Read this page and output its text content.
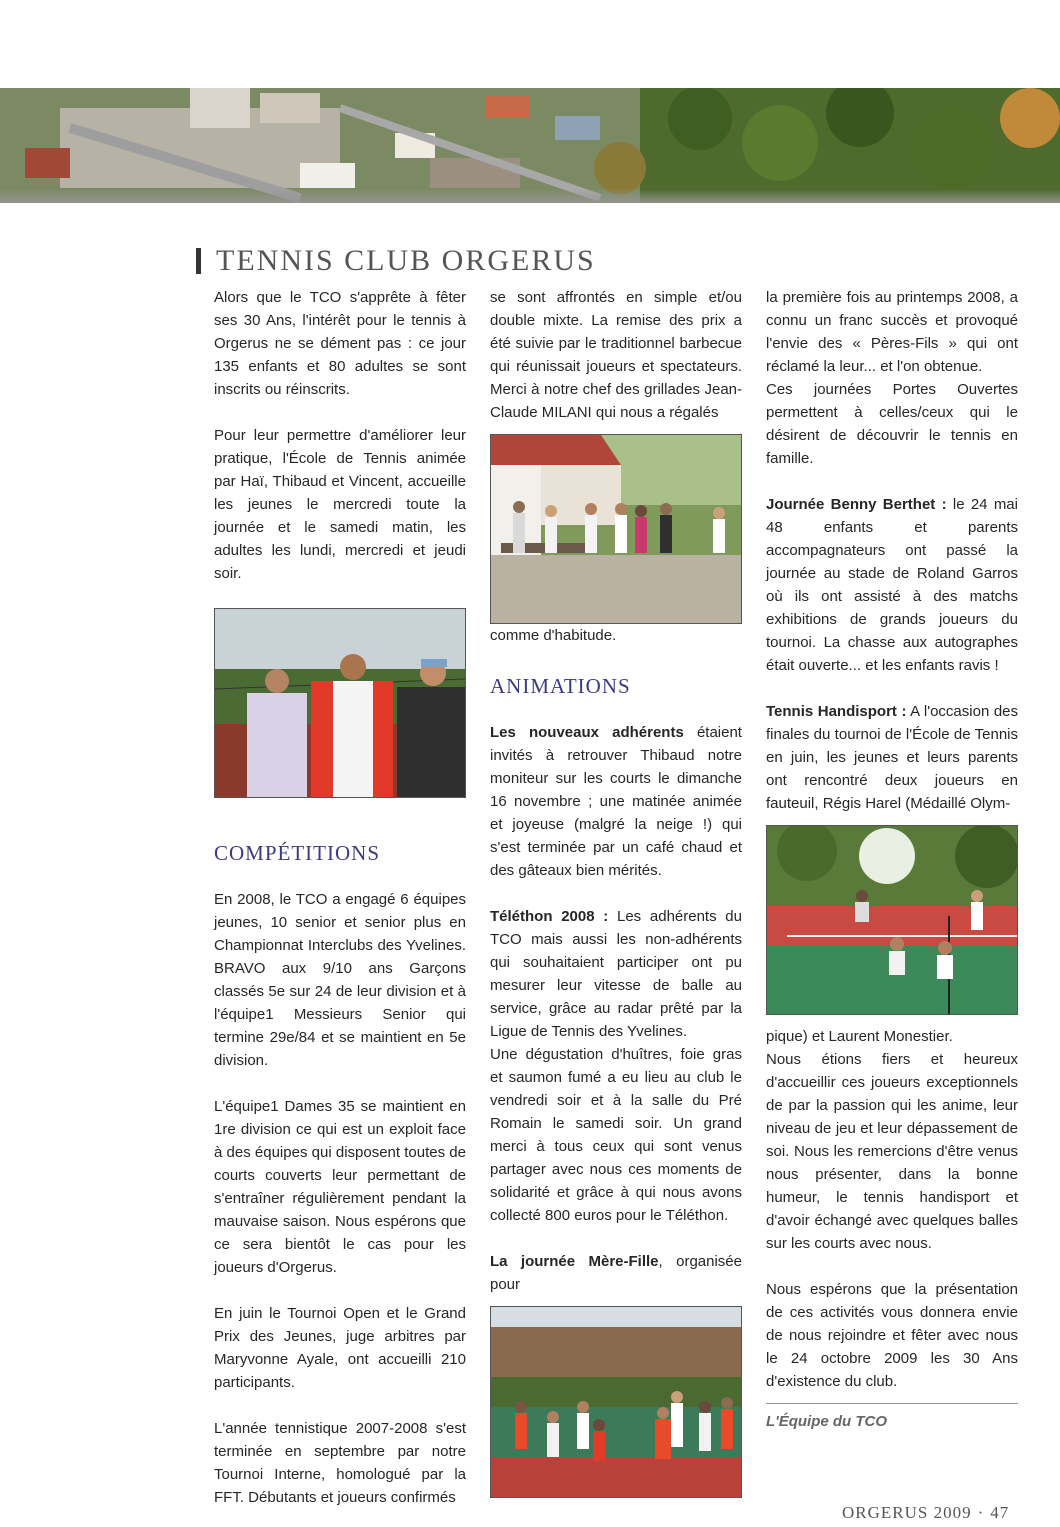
TENNIS CLUB ORGERUS

Alors que le TCO s'apprête à fêter ses 30 Ans, l'intérêt pour le tennis à Orgerus ne se dément pas : ce jour 135 enfants et 80 adultes se sont inscrits ou réinscrits.

Pour leur permettre d'améliorer leur pratique, l'École de Tennis animée par Haï, Thibaud et Vincent, accueille les jeunes le mercredi toute la journée et le samedi matin, les adultes les lundi, mercredi et jeudi soir.

COMPÉTITIONS

En 2008, le TCO a engagé 6 équipes jeunes, 10 senior et senior plus en Championnat Interclubs des Yvelines. BRAVO aux 9/10 ans Garçons classés 5e sur 24 de leur division et à l'équipe1 Messieurs Senior qui termine 29e/84 et se maintient en 5e division.

L'équipe1 Dames 35 se maintient en 1re division ce qui est un exploit face à des équipes qui disposent toutes de courts couverts leur permettant de s'entraîner régulièrement pendant la mauvaise saison. Nous espérons que ce sera bientôt le cas pour les joueurs d'Orgerus.

En juin le Tournoi Open et le Grand Prix des Jeunes, juge arbitres par Maryvonne Ayale, ont accueilli 210 participants.

L'année tennistique 2007-2008 s'est terminée en septembre par notre Tournoi Interne, homologué par la FFT. Débutants et joueurs confirmés

se sont affrontés en simple et/ou double mixte. La remise des prix a été suivie par le traditionnel barbecue qui réunissait joueurs et spectateurs. Merci à notre chef des grillades Jean-Claude MILANI qui nous a régalés

comme d'habitude.

ANIMATIONS

Les nouveaux adhérents étaient invités à retrouver Thibaud notre moniteur sur les courts le dimanche 16 novembre ; une matinée animée et joyeuse (malgré la neige !) qui s'est terminée par un café chaud et des gâteaux bien mérités.

Téléthon 2008 : Les adhérents du TCO mais aussi les non-adhérents qui souhaitaient participer ont pu mesurer leur vitesse de balle au service, grâce au radar prêté par la Ligue de Tennis des Yvelines.

Une dégustation d'huîtres, foie gras et saumon fumé a eu lieu au club le vendredi soir et à la salle du Pré Romain le samedi soir. Un grand merci à tous ceux qui sont venus partager avec nous ces moments de solidarité et grâce à qui nous avons collecté 800 euros pour le Téléthon.

La journée Mère-Fille, organisée pour

la première fois au printemps 2008, a connu un franc succès et provoqué l'envie des « Pères-Fils » qui ont réclamé la leur... et l'on obtenue.

Ces journées Portes Ouvertes permettent à celles/ceux qui le désirent de découvrir le tennis en famille.

Journée Benny Berthet : le 24 mai 48 enfants et parents accompagnateurs ont passé la journée au stade de Roland Garros où ils ont assisté à des matchs exhibitions de grands joueurs du tournoi. La chasse aux autographes était ouverte... et les enfants ravis !

Tennis Handisport : A l'occasion des finales du tournoi de l'École de Tennis en juin, les jeunes et leurs parents ont rencontré deux joueurs en fauteuil, Régis Harel (Médaillé Olym-

pique) et Laurent Monestier.

Nous étions fiers et heureux d'accueillir ces joueurs exceptionnels de par la passion qui les anime, leur niveau de jeu et leur dépassement de soi. Nous les remercions d'être venus nous présenter, dans la bonne humeur, le tennis handisport et d'avoir échangé avec quelques balles sur les courts avec nous.

Nous espérons que la présentation de ces activités vous donnera envie de nous rejoindre et fêter avec nous le 24 octobre 2009 les 30 Ans d'existence du club.

L'Équipe du TCO
ORGERUS 2009 · 47
